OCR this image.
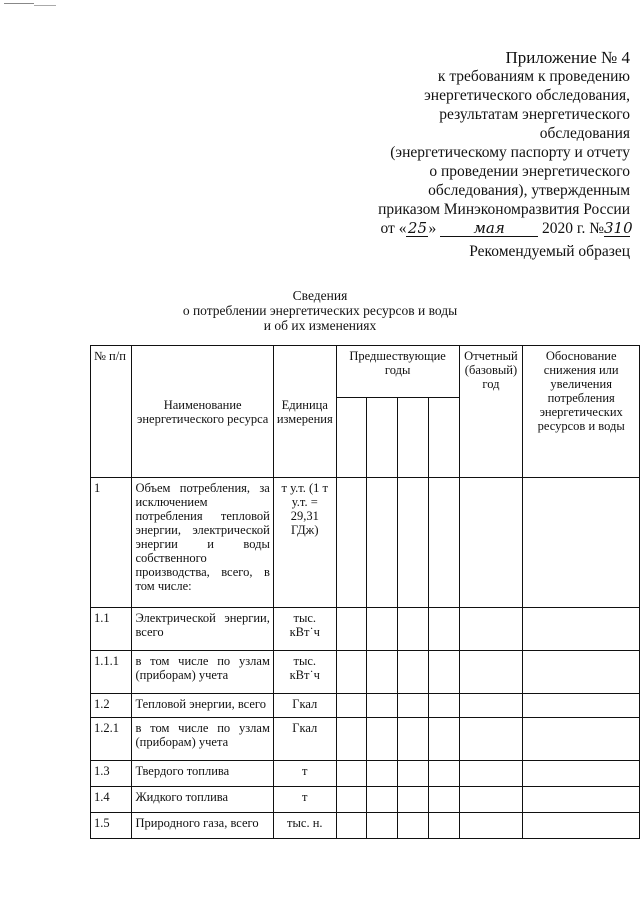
Приложение № 4
к требованиям к проведению
энергетического обследования,
результатам энергетического
обследования
(энергетическому паспорту и отчету
о проведении энергетического
обследования), утвержденным
приказом Минэкономразвития России
от «25» мая 2020 г. №310
Рекомендуемый образец
Сведения
о потреблении энергетических ресурсов и воды
и об их изменениях
№ п/п	Наименование энергетического ресурса	Единица измерения	Предшествующие годы				Отчетный (базовый) год	Обоснование снижения или увеличения потребления энергетических ресурсов и воды

1	Объем потребления, за исключением потребления тепловой энергии, электрической энергии и воды собственного производства, всего, в том числе:	т у.т. (1 т у.т. = 29,31 ГДж)						
1.1	Электрической энергии, всего	тыс. кВт˙ч						
1.1.1	в том числе по узлам (приборам) учета	тыс. кВт˙ч						
1.2	Тепловой энергии, всего	Гкал						
1.2.1	в том числе по узлам (приборам) учета	Гкал						
1.3	Твердого топлива	т						
1.4	Жидкого топлива	т						
1.5	Природного газа, всего	тыс. н.						
